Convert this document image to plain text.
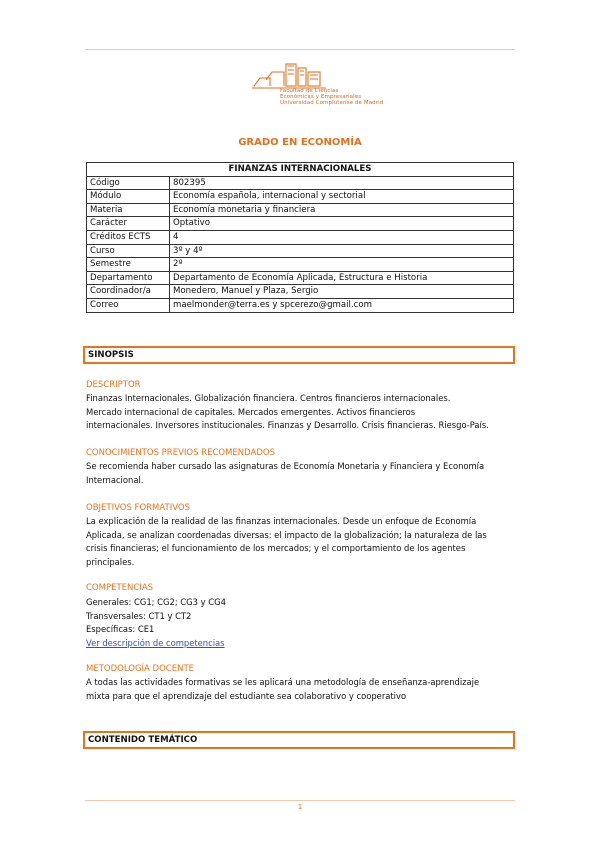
Facultad de Ciencias
Económicas y Empresariales
Universidad Complutense de Madrid
GRADO EN ECONOMÍA
FINANZAS INTERNACIONALES	
Código	802395
Módulo	Economía española, internacional y sectorial
Materia	Economía monetaria y financiera
Carácter	Optativo
Créditos ECTS	4
Curso	3º y 4º
Semestre	2º
Departamento	Departamento de Economía Aplicada, Estructura e Historia
Coordinador/a	Monedero, Manuel y Plaza, Sergio
Correo	maelmonder@terra.es y spcerezo@gmail.com
SINOPSIS
DESCRIPTOR
Finanzas Internacionales. Globalización financiera. Centros financieros internacionales.
Mercado internacional de capitales. Mercados emergentes. Activos financieros
internacionales. Inversores institucionales. Finanzas y Desarrollo. Crisis financieras. Riesgo-País.
CONOCIMIENTOS PREVIOS RECOMENDADOS
Se recomienda haber cursado las asignaturas de Economía Monetaria y Financiera y Economía
Internacional.
OBJETIVOS FORMATIVOS
La explicación de la realidad de las finanzas internacionales. Desde un enfoque de Economía
Aplicada, se analizan coordenadas diversas: el impacto de la globalización; la naturaleza de las
crisis financieras; el funcionamiento de los mercados; y el comportamiento de los agentes
principales.
COMPETENCIAS
Generales: CG1; CG2; CG3 y CG4
Transversales: CT1 y CT2
Específicas: CE1
Ver descripción de competencias
METODOLOGÍA DOCENTE
A todas las actividades formativas se les aplicará una metodología de enseñanza-aprendizaje
mixta para que el aprendizaje del estudiante sea colaborativo y cooperativo
CONTENIDO TEMÁTICO
1
